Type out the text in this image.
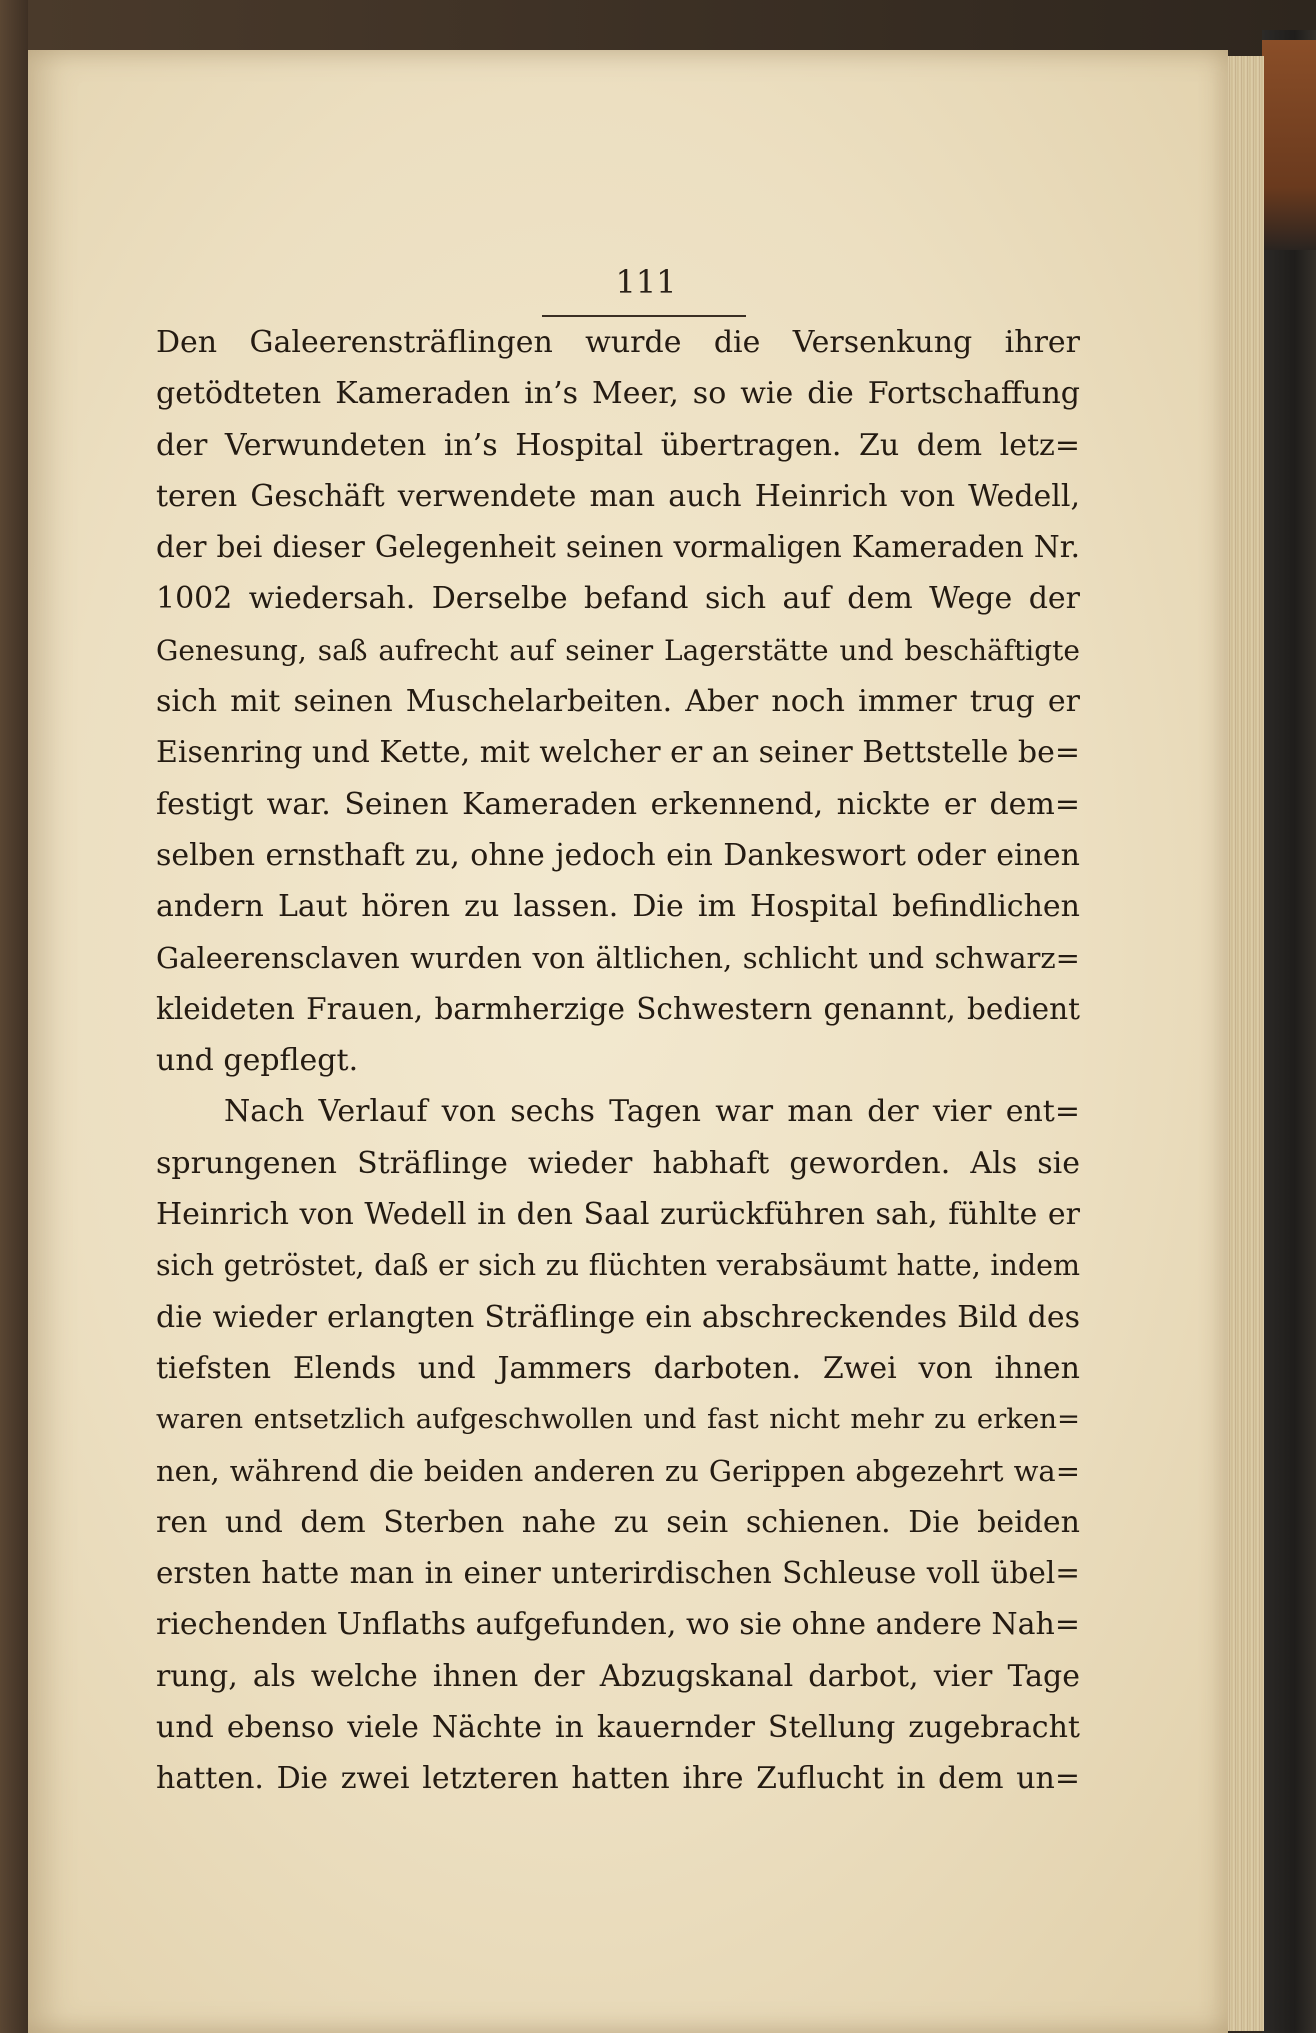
111
Den Galeerensträflingen wurde die Versenkung ihrer
getödteten Kameraden in’s Meer, so wie die Fortschaffung
der Verwundeten in’s Hospital übertragen. Zu dem letz=
teren Geschäft verwendete man auch Heinrich von Wedell,
der bei dieser Gelegenheit seinen vormaligen Kameraden Nr.
1002 wiedersah. Derselbe befand sich auf dem Wege der
Genesung, saß aufrecht auf seiner Lagerstätte und beschäftigte
sich mit seinen Muschelarbeiten. Aber noch immer trug er
Eisenring und Kette, mit welcher er an seiner Bettstelle be=
festigt war. Seinen Kameraden erkennend, nickte er dem=
selben ernsthaft zu, ohne jedoch ein Dankeswort oder einen
andern Laut hören zu lassen. Die im Hospital befindlichen
Galeerensclaven wurden von ältlichen, schlicht und schwarz=
kleideten Frauen, barmherzige Schwestern genannt, bedient
und gepflegt.
Nach Verlauf von sechs Tagen war man der vier ent=
sprungenen Sträflinge wieder habhaft geworden. Als sie
Heinrich von Wedell in den Saal zurückführen sah, fühlte er
sich getröstet, daß er sich zu flüchten verabsäumt hatte, indem
die wieder erlangten Sträflinge ein abschreckendes Bild des
tiefsten Elends und Jammers darboten. Zwei von ihnen
waren entsetzlich aufgeschwollen und fast nicht mehr zu erken=
nen, während die beiden anderen zu Gerippen abgezehrt wa=
ren und dem Sterben nahe zu sein schienen. Die beiden
ersten hatte man in einer unterirdischen Schleuse voll übel=
riechenden Unflaths aufgefunden, wo sie ohne andere Nah=
rung, als welche ihnen der Abzugskanal darbot, vier Tage
und ebenso viele Nächte in kauernder Stellung zugebracht
hatten. Die zwei letzteren hatten ihre Zuflucht in dem un=
